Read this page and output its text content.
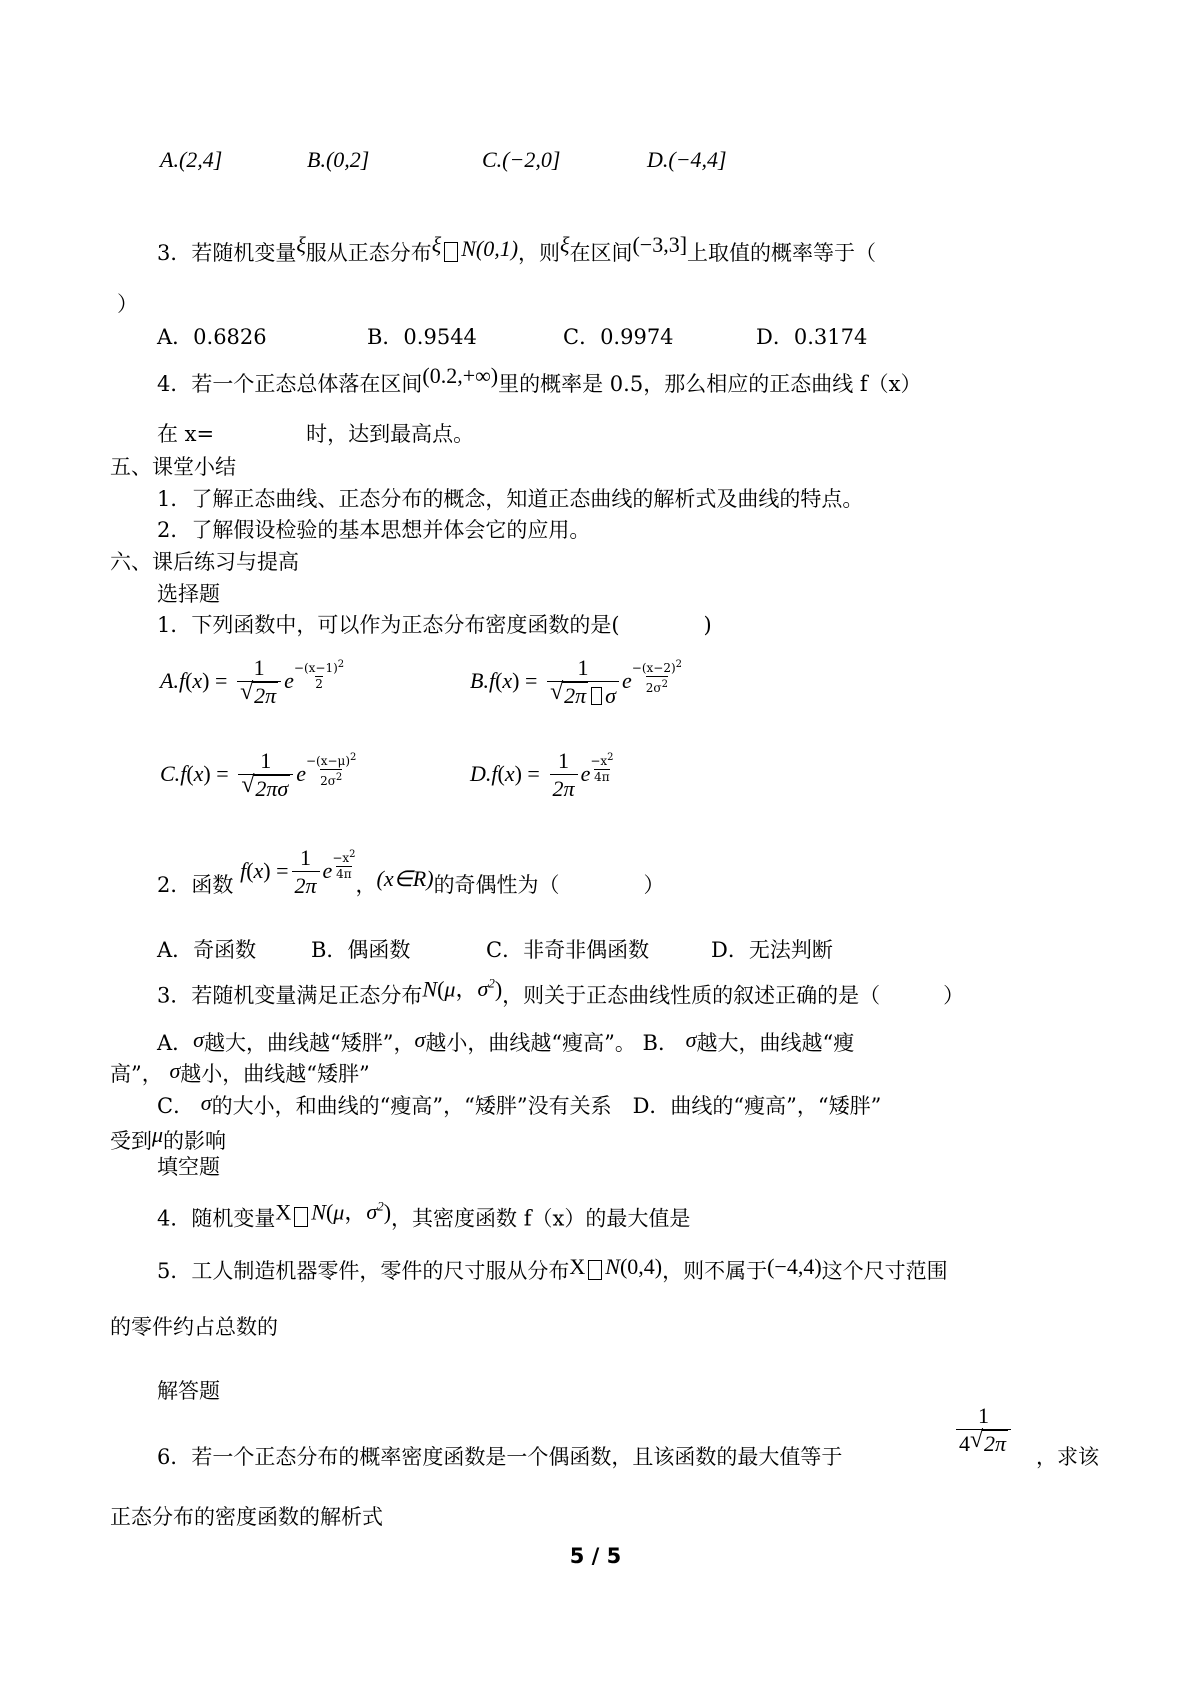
A.(2,4]	B.(0,2]	C.(−2,0]	D.(−4,4]
3．若随机变量ξ服从正态分布ξ N(0,1)，则ξ在区间(−3,3]上取值的概率等于（
）
A．0.6826	B．0.9544	C．0.9974	D．0.3174
4．若一个正态总体落在区间(0.2,+∞)里的概率是 0.5，那么相应的正态曲线 f（x）
在 x=	时，达到最高点。
五、课堂小结
1．了解正态曲线、正态分布的概念，知道正态曲线的解析式及曲线的特点。
2．了解假设检验的基本思想并体会它的应用。
六、课后练习与提高
选择题
1．下列函数中，可以作为正态分布密度函数的是(　　　　)
$A.f(x) = \frac{1}{√ 2\pi}$ e $\frac{-(x-1)^2}{2}$	$B.f(x) = \frac{1}{\text{√ 2π σ}}$ e $\frac{-(x-2)^2}{2\sigma^2}$
$C.f(x) = \frac{1}{√ 2\pi\sigma}$ e $\frac{-(x-\mu)^2}{2\sigma^2}$	$D.f(x) = \frac{1}{2\pi}$ e $\frac{-x^2}{4\pi}$
2．函数 $f(x) = \frac{1}{2\pi}$ e $\frac{-x^2}{4\pi}$
，(x∈R)的奇偶性为（　　　　）
A．奇函数	B．偶函数	C．非奇非偶函数	D．无法判断
3．若随机变量满足正态分布N(μ，$\sigma^2$)，则关于正态曲线性质的叙述正确的是（　　　）
A．σ越大，曲线越“矮胖”，σ越小，曲线越“瘦高”。 B． σ越大，曲线越“瘦
高”， σ越小，曲线越“矮胖”
C． σ的大小，和曲线的“瘦高”，“矮胖”没有关系　D．曲线的“瘦高”，“矮胖”
受到μ的影响
填空题
4．随机变量X N(μ，$\sigma^2$)，其密度函数 f（x）的最大值是
5．工人制造机器零件，零件的尺寸服从分布X N(0,4)，则不属于(−4,4)这个尺寸范围
的零件约占总数的
解答题
6．若一个正态分布的概率密度函数是一个偶函数，且该函数的最大值等于	$\frac{1}{4 √ 2\pi}$ ，求该
正态分布的密度函数的解析式
5 / 5
